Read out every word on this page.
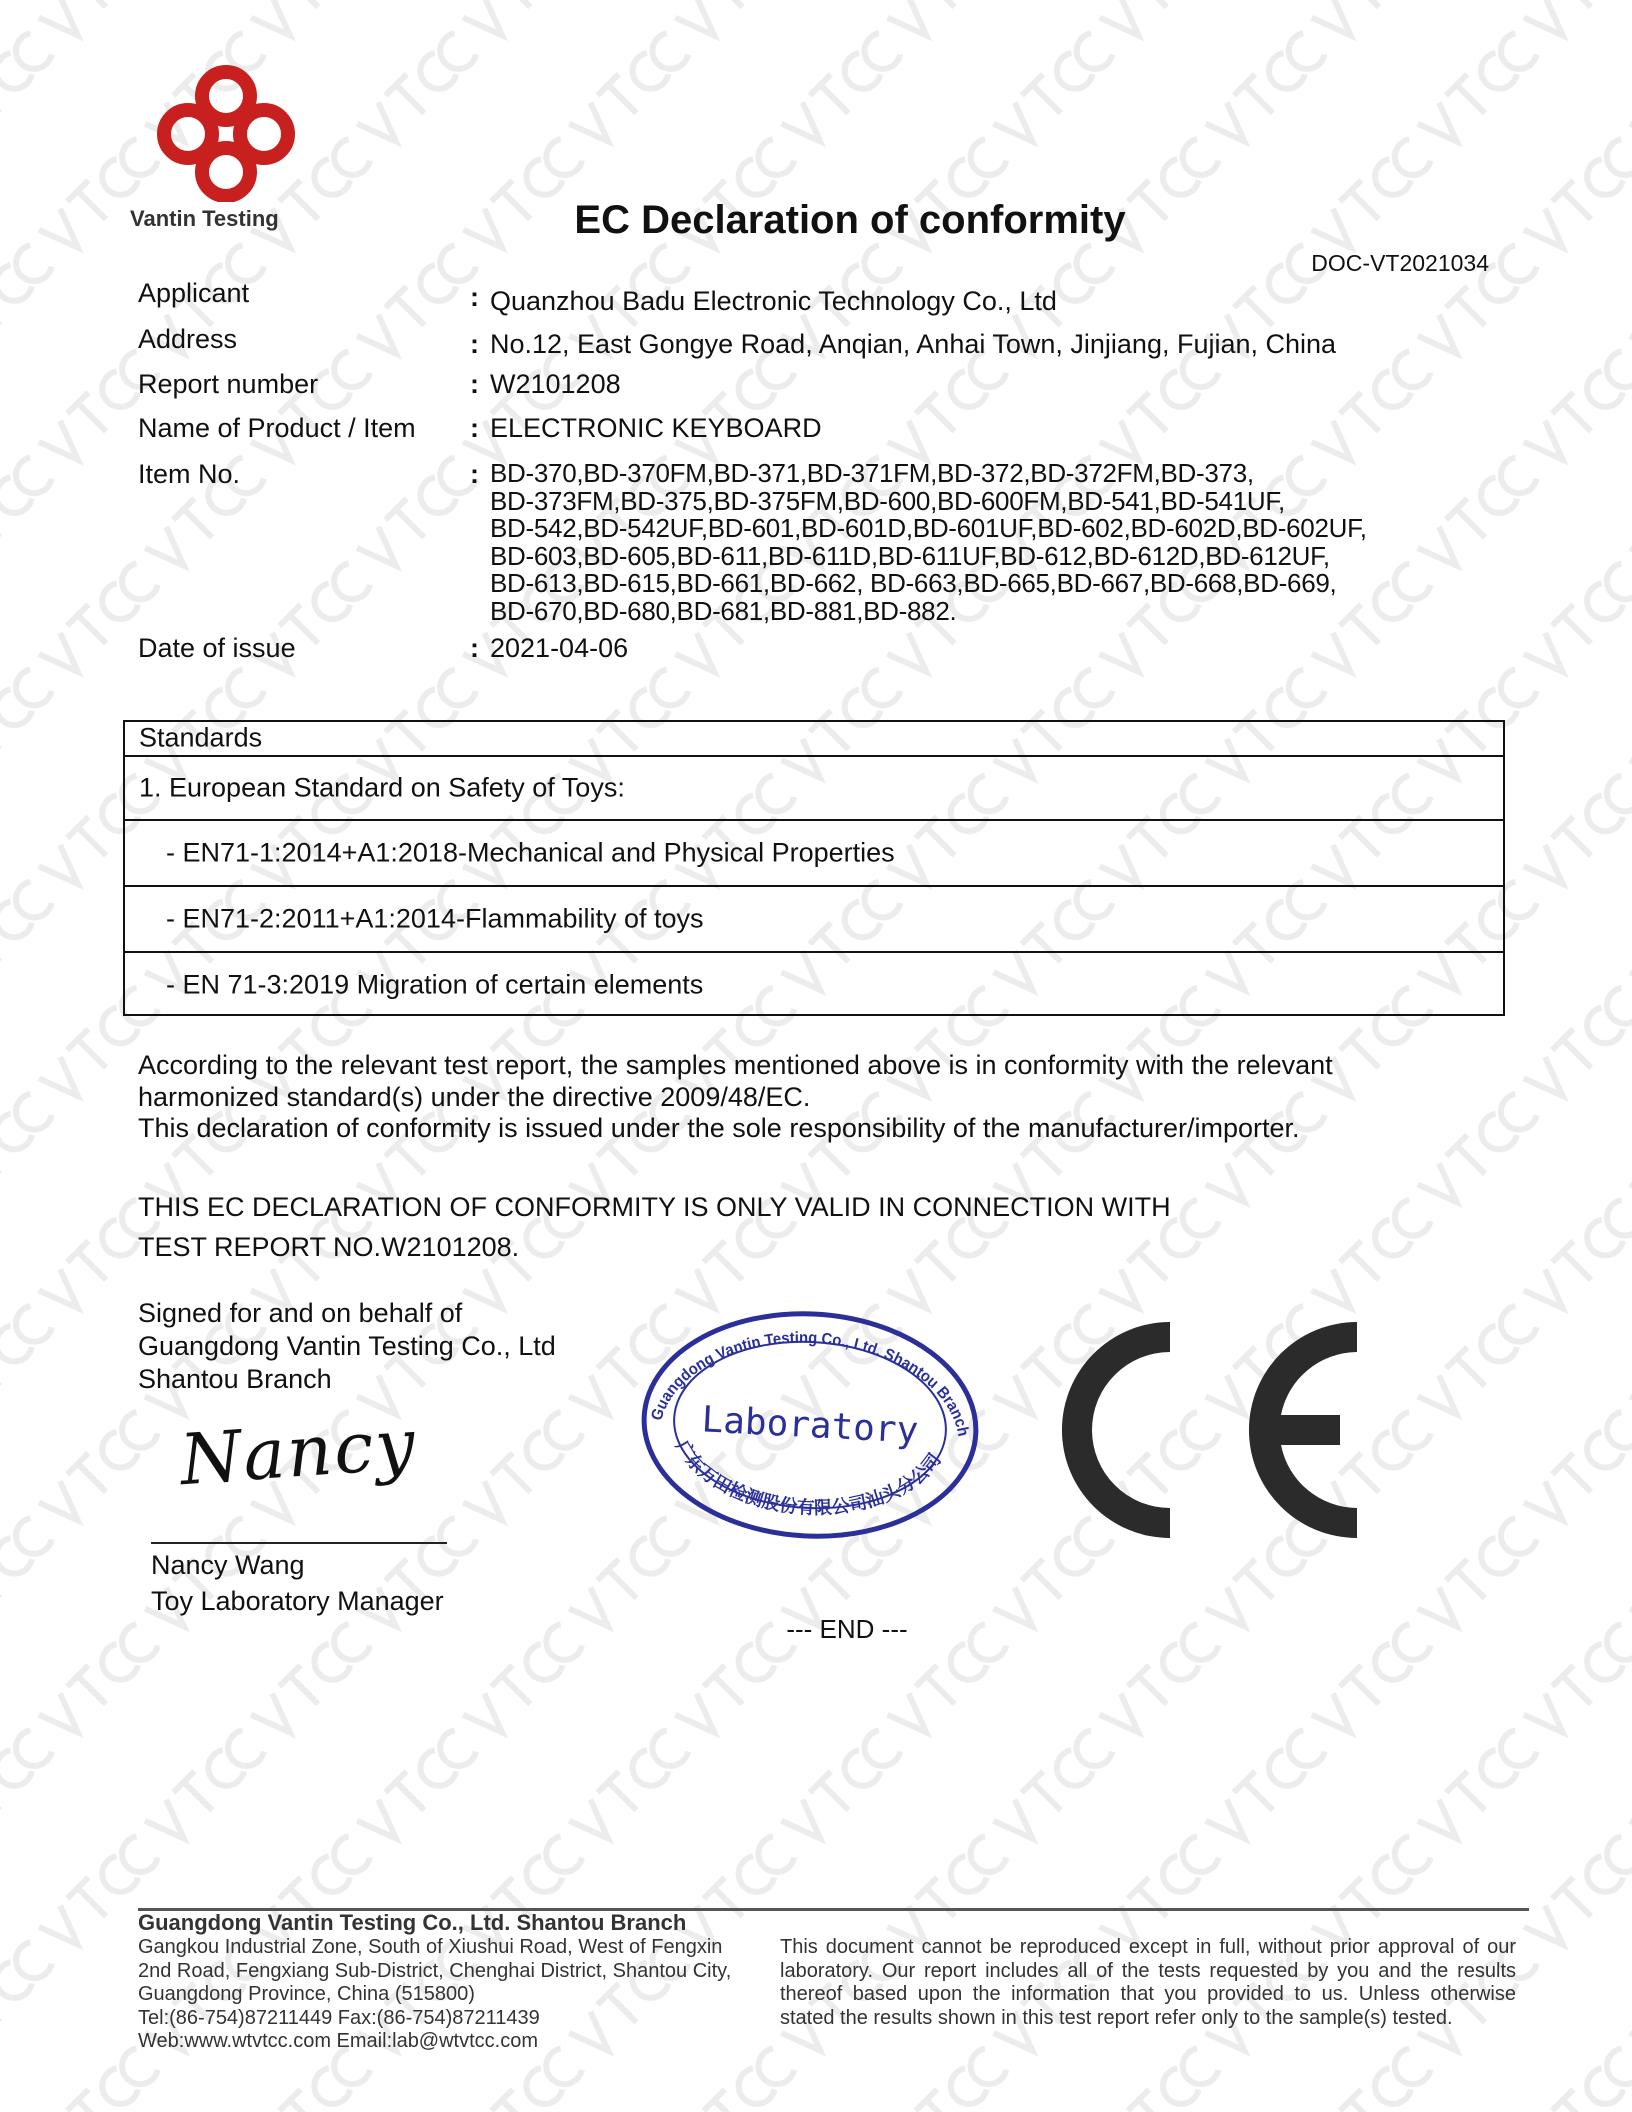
Vantin Testing	EC Declaration of conformity
DOC-VT2021034
Applicant	: Quanzhou Badu Electronic Technology Co., Ltd
Address	: No.12, East Gongye Road, Anqian, Anhai Town, Jinjiang, Fujian, China
Report number	: W2101208
Name of Product / Item : ELECTRONIC KEYBOARD
Item No.	: BD-370,BD-370FM,BD-371,BD-371FM,BD-372,BD-372FM,BD-373,
BD-373FM,BD-375,BD-375FM,BD-600,BD-600FM,BD-541,BD-541UF,
BD-542,BD-542UF,BD-601,BD-601D,BD-601UF,BD-602,BD-602D,BD-602UF,
BD-603,BD-605,BD-611,BD-611D,BD-611UF,BD-612,BD-612D,BD-612UF,
BD-613,BD-615,BD-661,BD-662, BD-663,BD-665,BD-667,BD-668,BD-669,
BD-670,BD-680,BD-681,BD-881,BD-882.
Date of issue	: 2021-04-06
Standards
1. European Standard on Safety of Toys:
- EN71-1:2014+A1:2018-Mechanical and Physical Properties
- EN71-2:2011+A1:2014-Flammability of toys
- EN 71-3:2019 Migration of certain elements
According to the relevant test report, the samples mentioned above is in conformity with the relevant
harmonized standard(s) under the directive 2009/48/EC.
This declaration of conformity is issued under the sole responsibility of the manufacturer/importer.
THIS EC DECLARATION OF CONFORMITY IS ONLY VALID IN CONNECTION WITH
TEST REPORT NO.W2101208.
Signed for and on behalf of
Guangdong Vantin Testing Co., Ltd
Shantou Branch
Nancy
Nancy Wang
Toy Laboratory Manager
Guangdong Vantin Testing Co., Ltd. Shantou Branch
广东万田检测股份有限公司汕头分公司
Laboratory
--- END ---
Guangdong Vantin Testing Co., Ltd. Shantou Branch
Gangkou Industrial Zone, South of Xiushui Road, West of Fengxin
2nd Road, Fengxiang Sub-District, Chenghai District, Shantou City,
Guangdong Province, China (515800)
Tel:(86-754)87211449 Fax:(86-754)87211439
Web:www.wtvtcc.com Email:lab@wtvtcc.com
This document cannot be reproduced except in full, without prior approval of our laboratory. Our report includes all of the tests requested by you and the results thereof based upon the information that you provided to us. Unless otherwise stated the results shown in this test report refer only to the sample(s) tested.
